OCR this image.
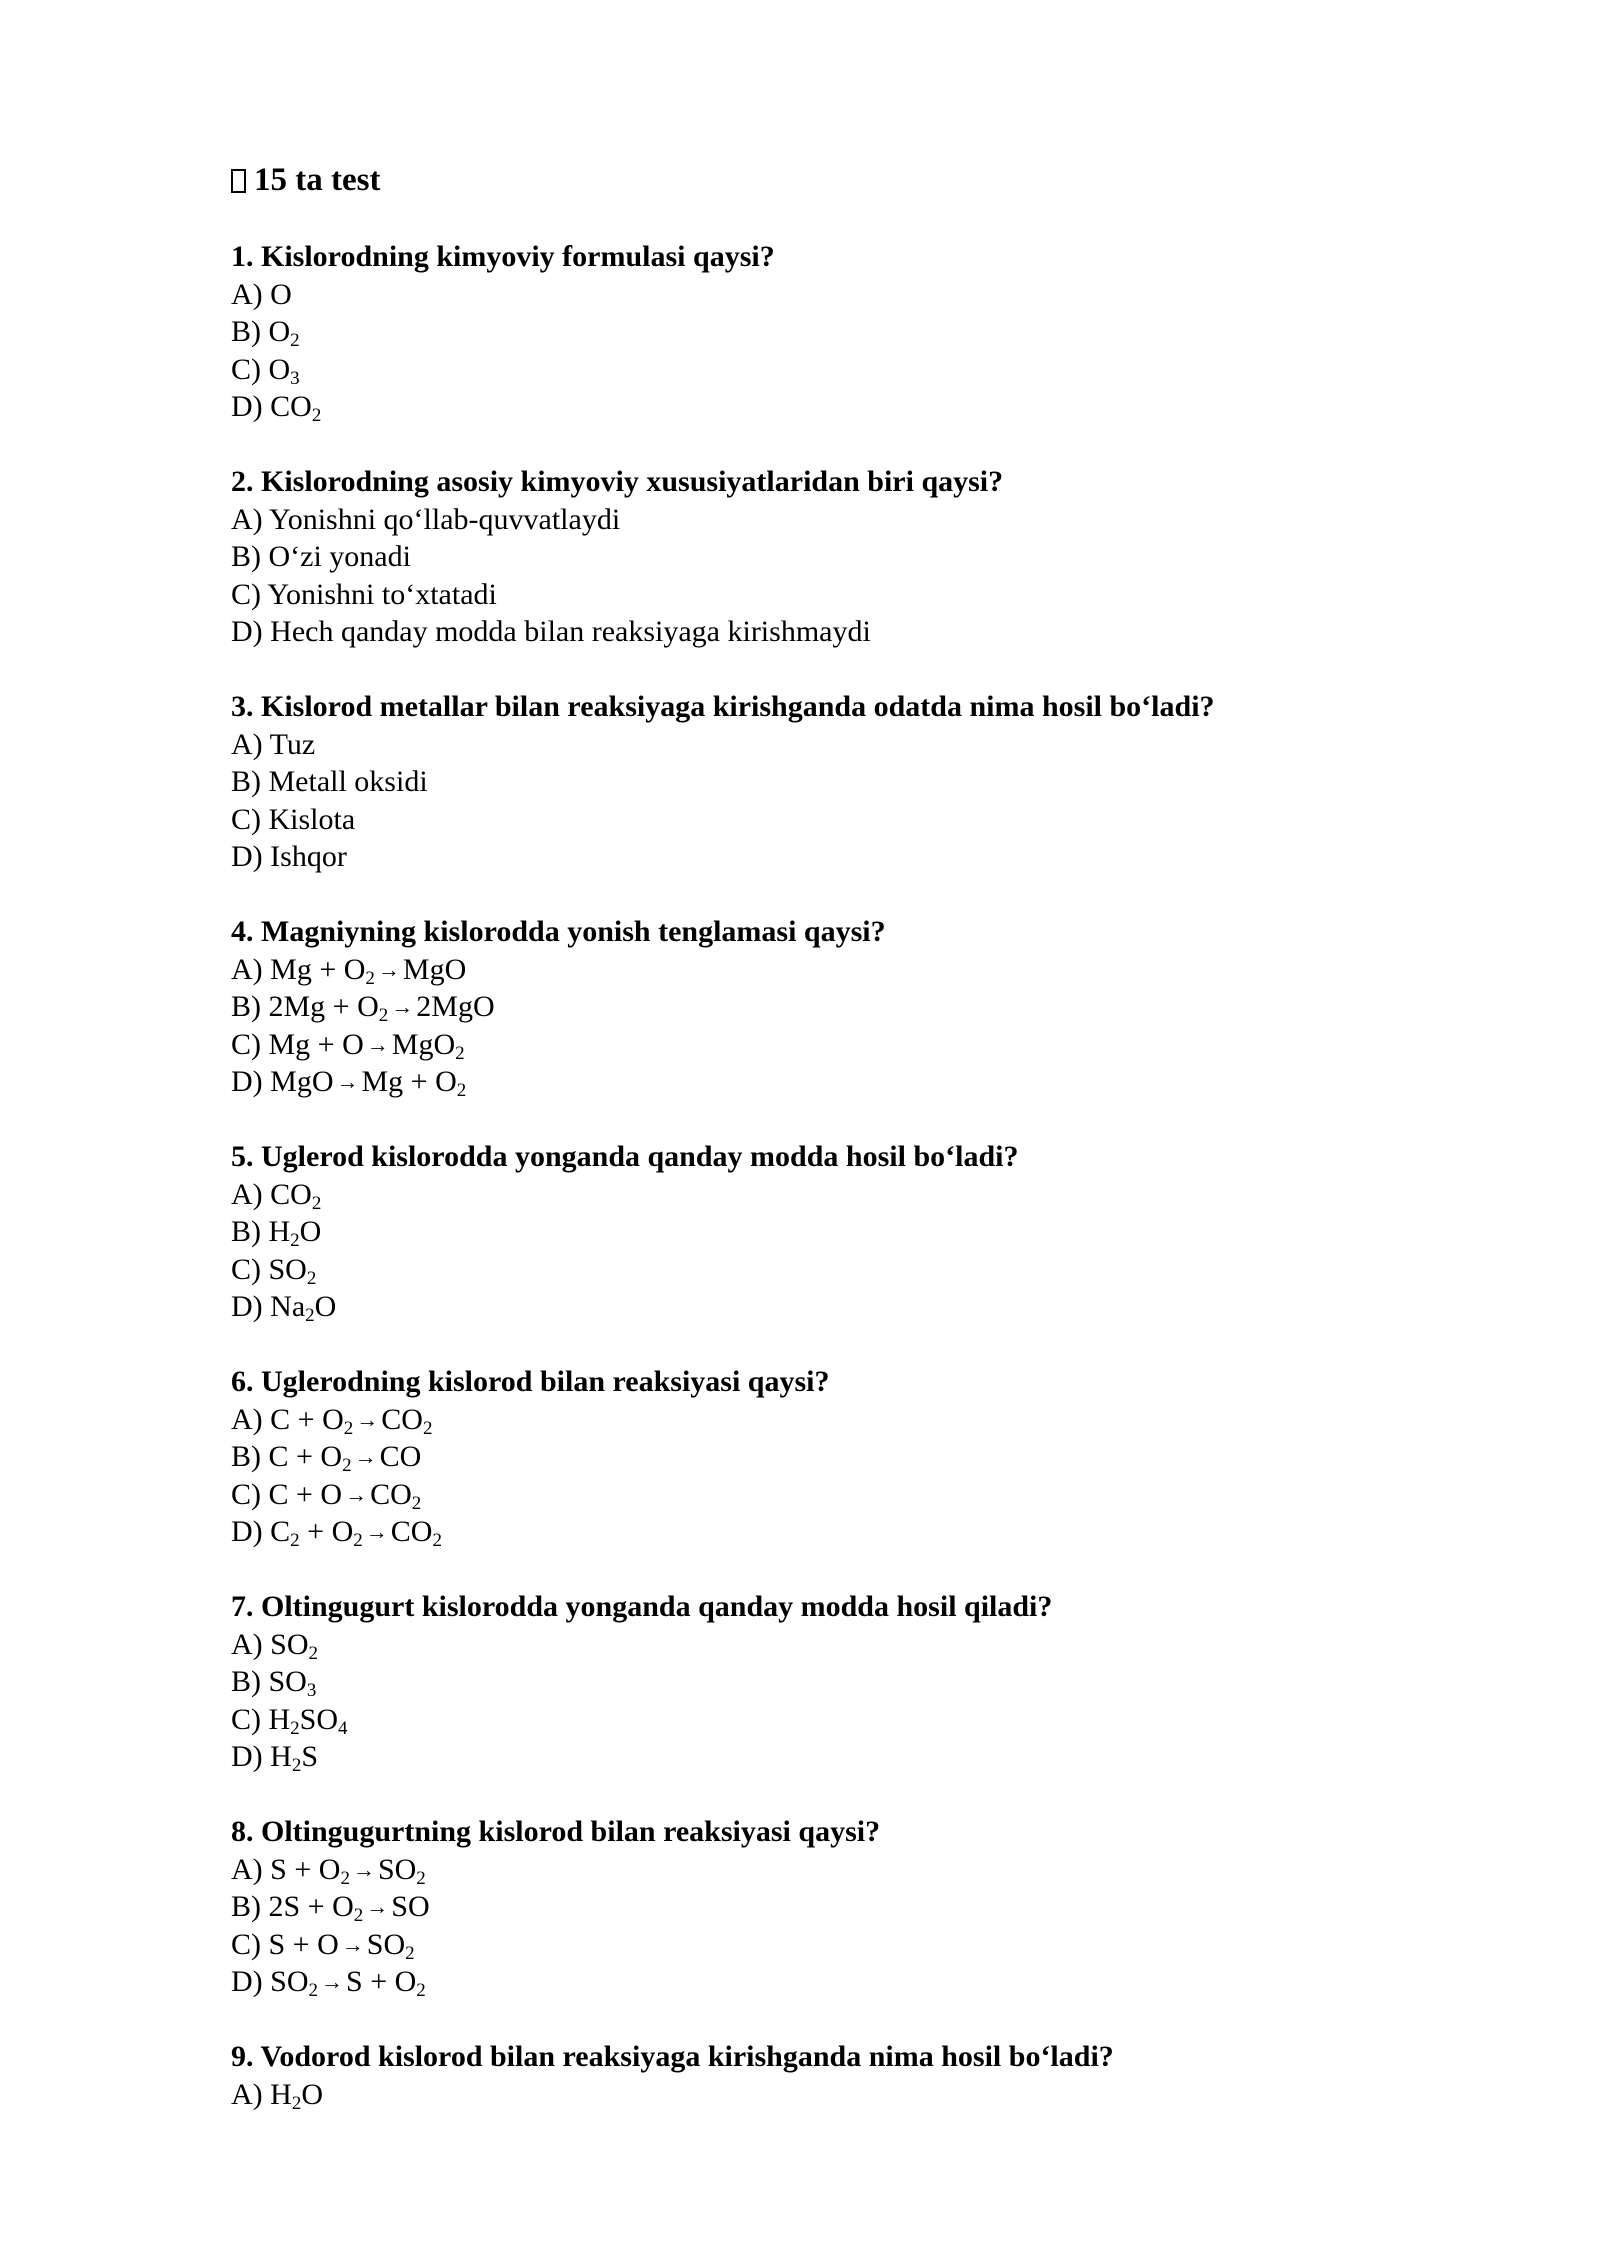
15 ta test
1. Kislorodning kimyoviy formulasi qaysi?
A) O
B) $O_2$
C) $O_3$
D) $CO_2$
2. Kislorodning asosiy kimyoviy xususiyatlaridan biri qaysi?
A) Yonishni qo‘llab-quvvatlaydi
B) O‘zi yonadi
C) Yonishni to‘xtatadi
D) Hech qanday modda bilan reaksiyaga kirishmaydi
3. Kislorod metallar bilan reaksiyaga kirishganda odatda nima hosil bo‘ladi?
A) Tuz
B) Metall oksidi
C) Kislota
D) Ishqor
4. Magniyning kislorodda yonish tenglamasi qaysi?
A) $Mg + O_2$ → MgO
B) $2Mg + O_2 \to 2MgO$
C) Mg + O → MgO$_2$
D) MgO → $Mg + O_2$
5. Uglerod kislorodda yonganda qanday modda hosil bo‘ladi?
A) $CO_2$
B) $H_2O$
C) $SO_2$
D) $Na_2O$
6. Uglerodning kislorod bilan reaksiyasi qaysi?
A) $C + O_2 \to CO_2$
B) $C + O_2$ → CO
C) $C + O \to CO_2$
D) $C_2 + O_2 \to CO_2$
7. Oltingugurt kislorodda yonganda qanday modda hosil qiladi?
A) $SO_2$
B) $SO_3$
C) $H_2SO_4$
D) $H_2S$
8. Oltingugurtning kislorod bilan reaksiyasi qaysi?
A) $S + O_2 \to SO_2$
B) $2S + O_2$ → SO
C) $S + O \to SO_2$
D) $SO_2 \to S + O_2$
9. Vodorod kislorod bilan reaksiyaga kirishganda nima hosil bo‘ladi?
A) $H_2O$
